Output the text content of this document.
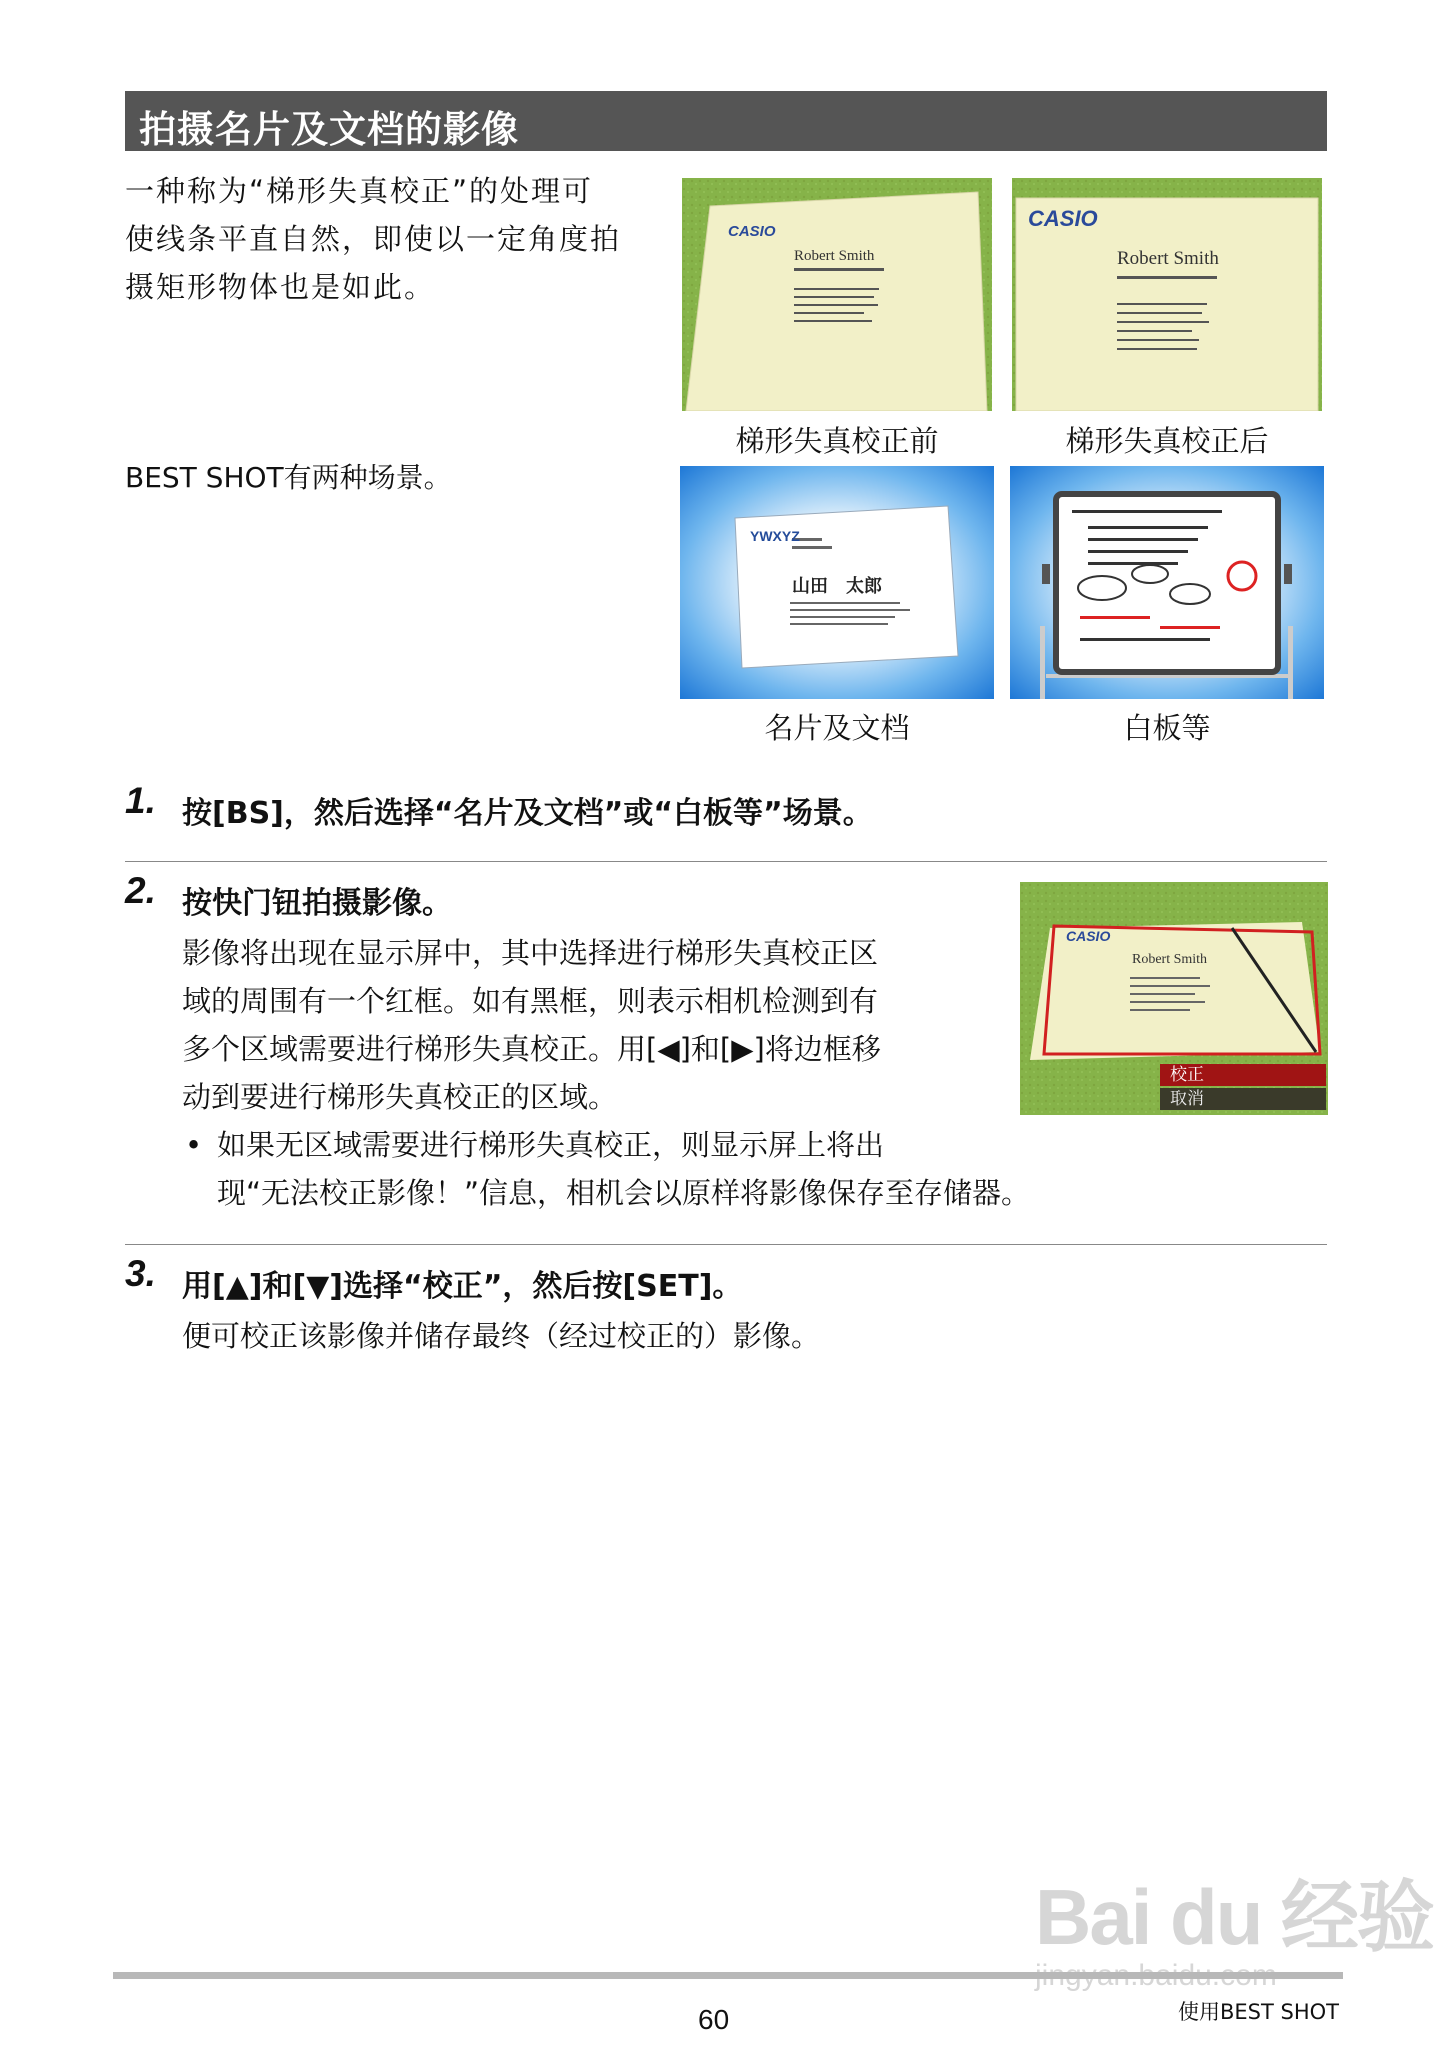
拍摄名片及文档的影像
一种称为“梯形失真校正”的处理可
使线条平直自然，即使以一定角度拍
摄矩形物体也是如此。
BEST SHOT有两种场景。
CASIO
Robert Smith
梯形失真校正前
CASIO
Robert Smith
梯形失真校正后
YWXYZ
山田　太郎
名片及文档	白板等
1. 按[BS]，然后选择“名片及文档”或“白板等”场景。
2. 按快门钮拍摄影像。
影像将出现在显示屏中，其中选择进行梯形失真校正区
域的周围有一个红框。如有黑框，则表示相机检测到有
多个区域需要进行梯形失真校正。用[◀]和[▶]将边框移
动到要进行梯形失真校正的区域。
• 如果无区域需要进行梯形失真校正，则显示屏上将出
现“无法校正影像！”信息，相机会以原样将影像保存至存储器。
CASIO
Robert Smith
校正
取消
3. 用[▲]和[▼]选择“校正”，然后按[SET]。
便可校正该影像并储存最终（经过校正的）影像。
Bai du 经验
60	使用BEST SHOT
